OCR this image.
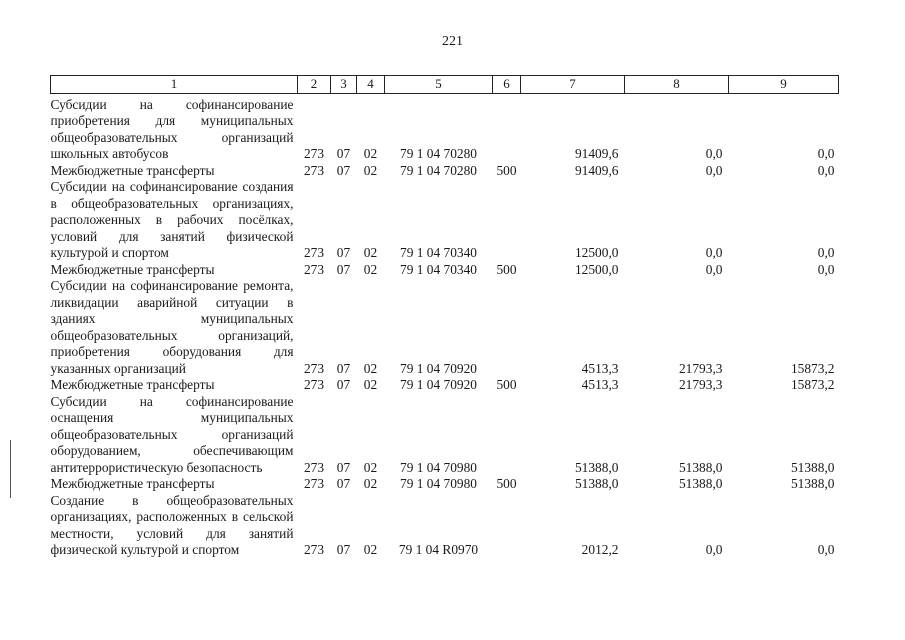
221
1	2	3	4	5	6	7	8	9
Субсидии на софинансирование приобретения для муниципальных общеобразовательных организаций школьных автобусов	273	07	02	79 1 04 70280		91409,6	0,0	0,0
Межбюджетные трансферты	273	07	02	79 1 04 70280	500	91409,6	0,0	0,0
Субсидии на софинансирование создания в общеобразовательных организациях, расположенных в рабочих посёлках, условий для занятий физической культурой и спортом	273	07	02	79 1 04 70340		12500,0	0,0	0,0
Межбюджетные трансферты	273	07	02	79 1 04 70340	500	12500,0	0,0	0,0
Субсидии на софинансирование ремонта, ликвидации аварийной ситуации в зданиях муниципальных общеобразовательных организаций, приобретения оборудования для указанных организаций	273	07	02	79 1 04 70920		4513,3	21793,3	15873,2
Межбюджетные трансферты	273	07	02	79 1 04 70920	500	4513,3	21793,3	15873,2
Субсидии на софинансирование оснащения муниципальных общеобразовательных организаций оборудованием, обеспечивающим антитеррористическую безопасность	273	07	02	79 1 04 70980		51388,0	51388,0	51388,0
Межбюджетные трансферты	273	07	02	79 1 04 70980	500	51388,0	51388,0	51388,0
Создание в общеобразовательных организациях, расположенных в сельской местности, условий для занятий физической культурой и спортом	273	07	02	79 1 04 R0970		2012,2	0,0	0,0
